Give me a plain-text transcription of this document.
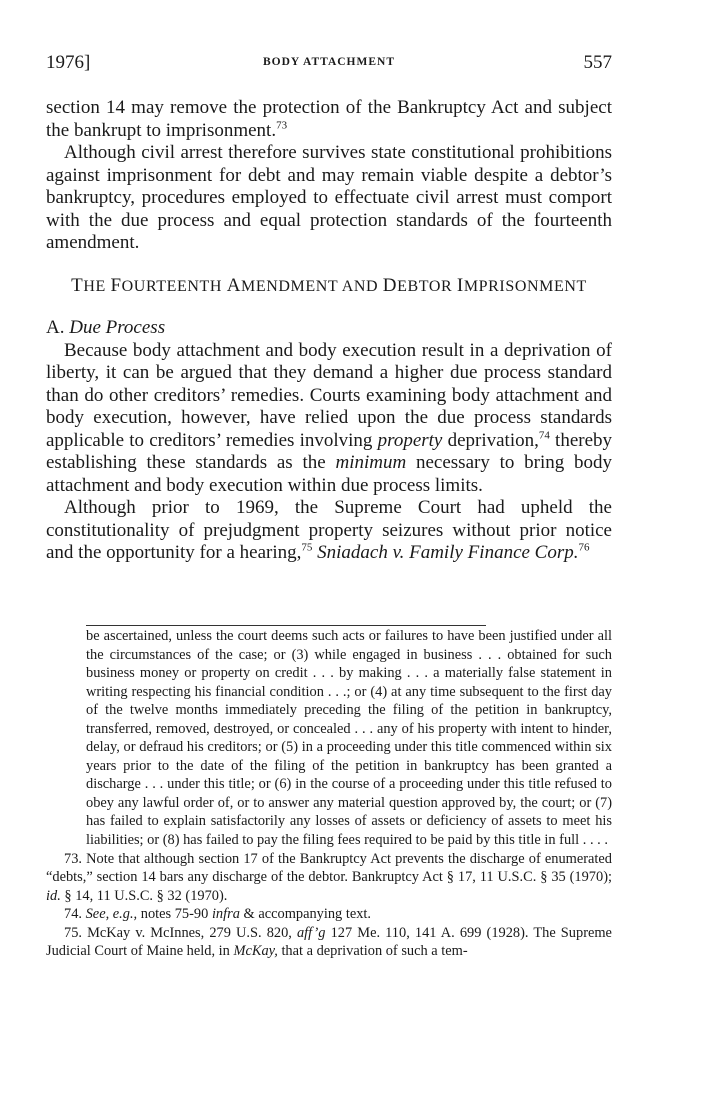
1976]	BODY ATTACHMENT	557

section 14 may remove the protection of the Bankruptcy Act and subject the bankrupt to imprisonment.$^{73}$

Although civil arrest therefore survives state constitutional prohibitions against imprisonment for debt and may remain viable despite a debtor’s bankruptcy, procedures employed to effectuate civil arrest must comport with the due process and equal protection standards of the fourteenth amendment.

THE FOURTEENTH AMENDMENT AND DEBTOR IMPRISONMENT
A. Due Process

Because body attachment and body execution result in a deprivation of liberty, it can be argued that they demand a higher due process standard than do other creditors’ remedies. Courts examining body attachment and body execution, however, have relied upon the due process standards applicable to creditors’ remedies involving property deprivation,$^{74}$ thereby establishing these standards as the minimum necessary to bring body attachment and body execution within due process limits.

Although prior to 1969, the Supreme Court had upheld the constitutionality of prejudgment property seizures without prior notice and the opportunity for a hearing,$^{75}$ Sniadach v. Family Finance Corp.$^{76}$

be ascertained, unless the court deems such acts or failures to have been justified under all the circumstances of the case; or (3) while engaged in business . . . obtained for such business money or property on credit . . . by making . . . a materially false statement in writing respecting his financial condition . . .; or (4) at any time subsequent to the first day of the twelve months immediately preceding the filing of the petition in bankruptcy, transferred, removed, destroyed, or concealed . . . any of his property with intent to hinder, delay, or defraud his creditors; or (5) in a proceeding under this title commenced within six years prior to the date of the filing of the petition in bankruptcy has been granted a discharge . . . under this title; or (6) in the course of a proceeding under this title refused to obey any lawful order of, or to answer any material question approved by, the court; or (7) has failed to explain satisfactorily any losses of assets or deficiency of assets to meet his liabilities; or (8) has failed to pay the filing fees required to be paid by this title in full . . . .

73. Note that although section 17 of the Bankruptcy Act prevents the discharge of enumerated “debts,” section 14 bars any discharge of the debtor. Bankruptcy Act § 17, 11 U.S.C. § 35 (1970); id. § 14, 11 U.S.C. § 32 (1970).

74. See, e.g., notes 75-90 infra & accompanying text.

75. McKay v. McInnes, 279 U.S. 820, aff’g 127 Me. 110, 141 A. 699 (1928). The Supreme Judicial Court of Maine held, in McKay, that a deprivation of such a tem-
